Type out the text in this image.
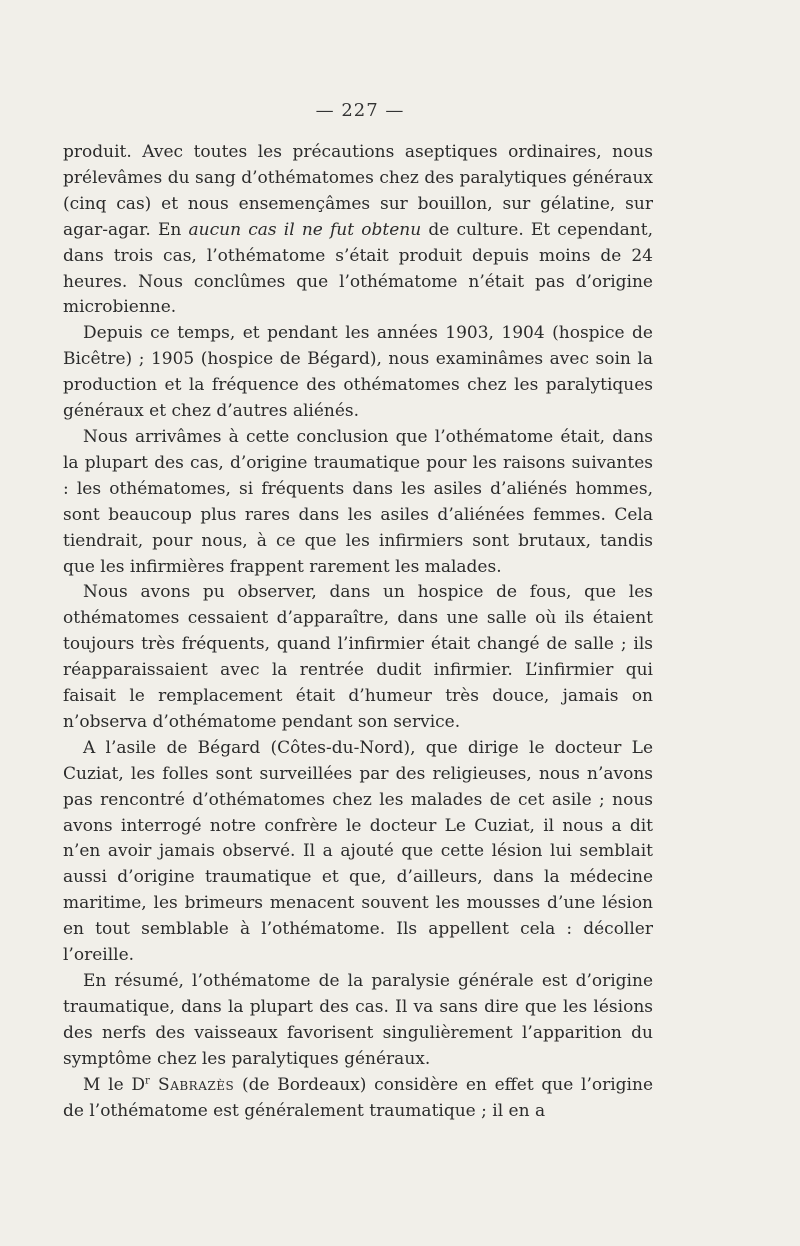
— 227 —

produit. Avec toutes les précautions aseptiques ordinaires, nous prélevâmes du sang d’othématomes chez des paralytiques généraux (cinq cas) et nous ensemençâmes sur bouillon, sur gélatine, sur agar-agar. En aucun cas il ne fut obtenu de culture. Et cependant, dans trois cas, l’othématome s’était produit depuis moins de 24 heures. Nous conclûmes que l’othématome n’était pas d’origine microbienne.

Depuis ce temps, et pendant les années 1903, 1904 (hospice de Bicêtre) ; 1905 (hospice de Bégard), nous examinâmes avec soin la production et la fréquence des othématomes chez les paralytiques généraux et chez d’autres aliénés.

Nous arrivâmes à cette conclusion que l’othématome était, dans la plupart des cas, d’origine traumatique pour les raisons suivantes : les othématomes, si fréquents dans les asiles d’aliénés hommes, sont beaucoup plus rares dans les asiles d’aliénées femmes. Cela tiendrait, pour nous, à ce que les infirmiers sont brutaux, tandis que les infirmières frappent rarement les malades.

Nous avons pu observer, dans un hospice de fous, que les othématomes cessaient d’apparaître, dans une salle où ils étaient toujours très fréquents, quand l’infirmier était changé de salle ; ils réapparaissaient avec la rentrée dudit infirmier. L’infirmier qui faisait le remplacement était d’humeur très douce, jamais on n’observa d’othématome pendant son service.

A l’asile de Bégard (Côtes-du-Nord), que dirige le docteur Le Cuziat, les folles sont surveillées par des religieuses, nous n’avons pas rencontré d’othématomes chez les malades de cet asile ; nous avons interrogé notre confrère le docteur Le Cuziat, il nous a dit n’en avoir jamais observé. Il a ajouté que cette lésion lui semblait aussi d’origine traumatique et que, d’ailleurs, dans la médecine maritime, les brimeurs menacent souvent les mousses d’une lésion en tout semblable à l’othématome. Ils appellent cela : décoller l’oreille.

En résumé, l’othématome de la paralysie générale est d’origine traumatique, dans la plupart des cas. Il va sans dire que les lésions des nerfs des vaisseaux favorisent singulièrement l’apparition du symptôme chez les paralytiques généraux.

M le $D^r$ Sabrazès (de Bordeaux) considère en effet que l’origine de l’othématome est généralement traumatique ; il en a
